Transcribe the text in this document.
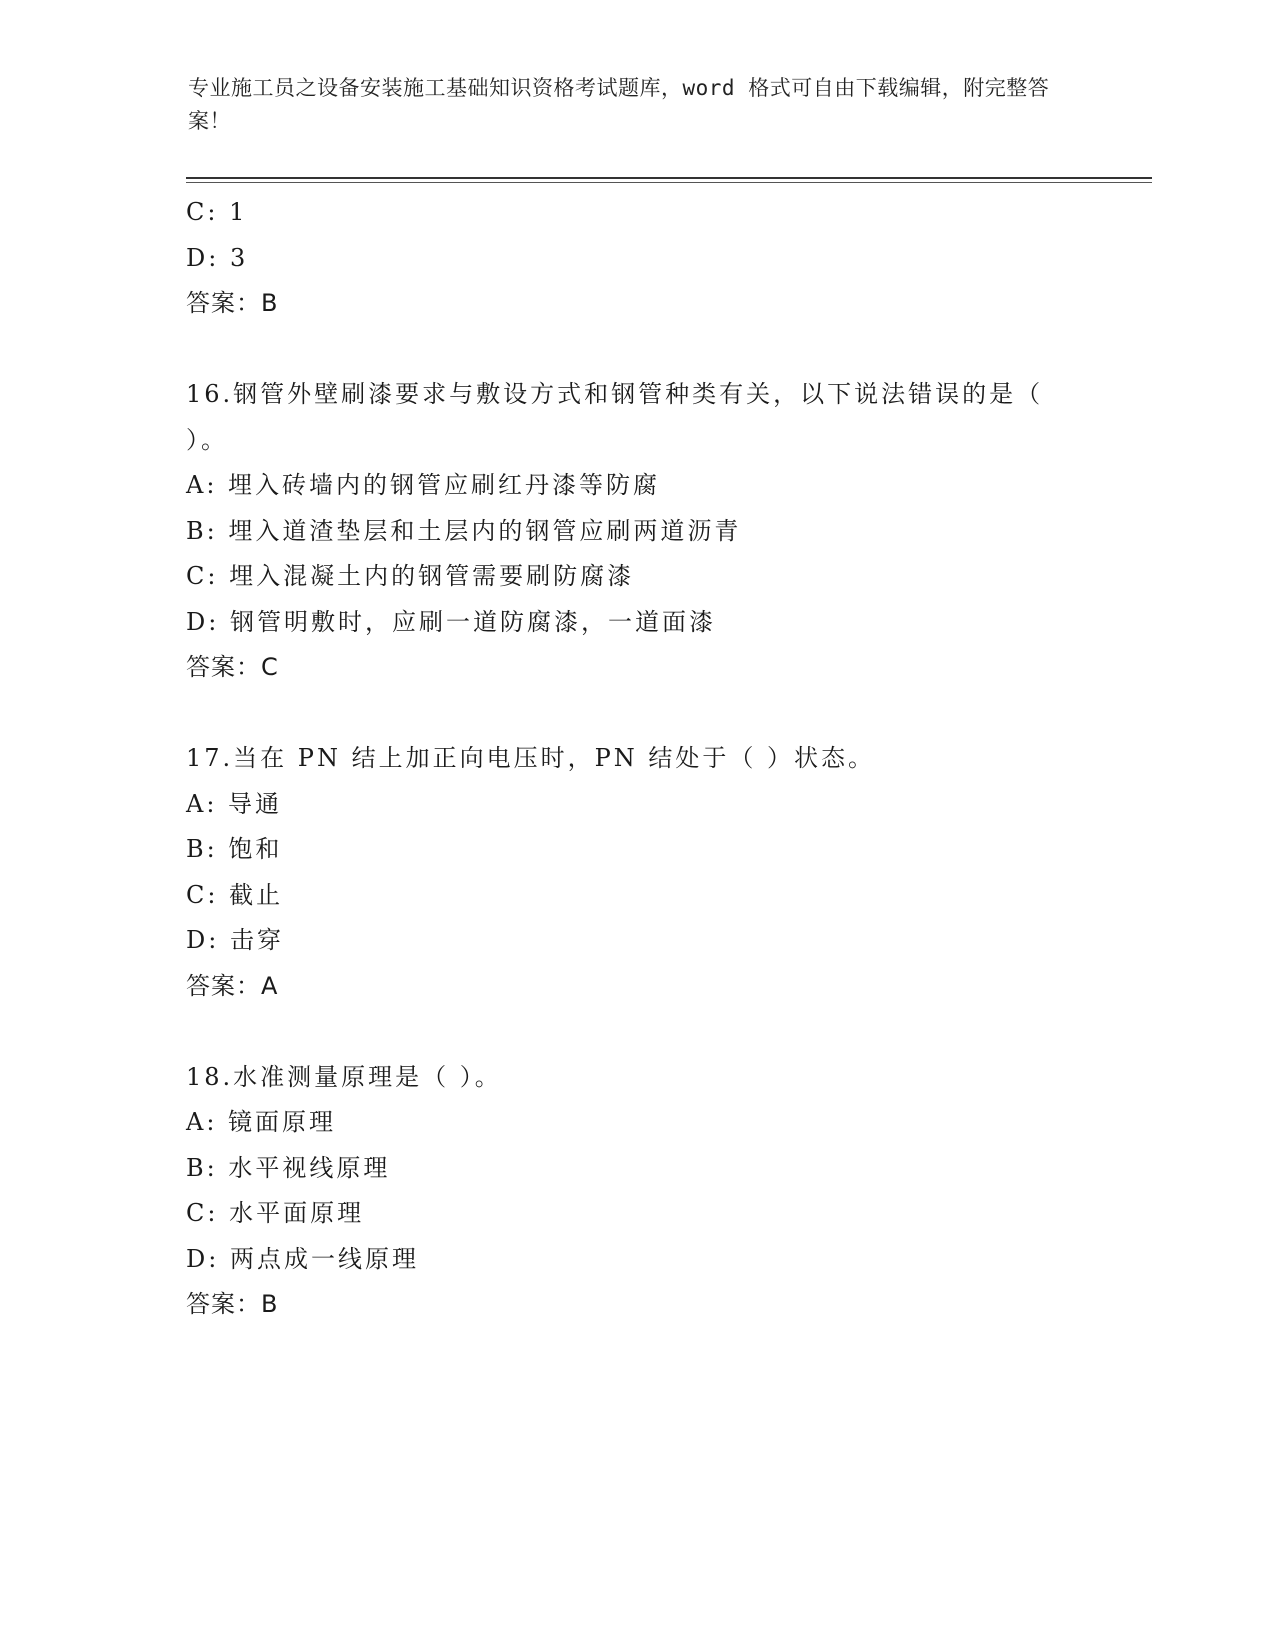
专业施工员之设备安装施工基础知识资格考试题库，word 格式可自由下载编辑，附完整答案！
C: 1
D: 3
答案：B
16.钢管外壁刷漆要求与敷设方式和钢管种类有关，以下说法错误的是（ ）。
A: 埋入砖墙内的钢管应刷红丹漆等防腐
B: 埋入道渣垫层和土层内的钢管应刷两道沥青
C: 埋入混凝土内的钢管需要刷防腐漆
D: 钢管明敷时，应刷一道防腐漆，一道面漆
答案：C
17.当在 PN 结上加正向电压时，PN 结处于（ ）状态。
A: 导通
B: 饱和
C: 截止
D: 击穿
答案：A
18.水准测量原理是（ ）。
A: 镜面原理
B: 水平视线原理
C: 水平面原理
D: 两点成一线原理
答案：B
